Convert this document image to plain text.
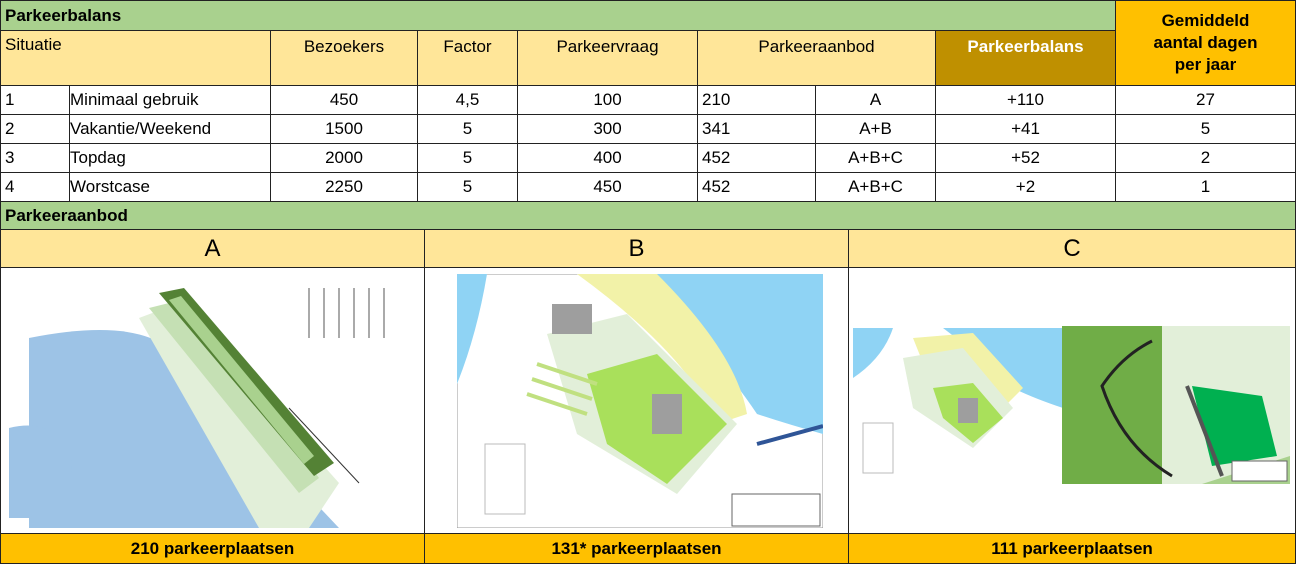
Parkeerbalans	Gemiddeld
aantal dagen
per jaar
Situatie	Bezoekers	Factor	Parkeervraag	Parkeeraanbod	Parkeerbalans
1	Minimaal gebruik	450	4,5	100	210	A	+110	27
2	Vakantie/Weekend	1500	5	300	341	A+B	+41	5
3	Topdag	2000	5	400	452	A+B+C	+52	2
4	Worstcase	2250	5	450	452	A+B+C	+2	1
Parkeeraanbod
A	B	C
210 parkeerplaatsen	131* parkeerplaatsen	111 parkeerplaatsen
